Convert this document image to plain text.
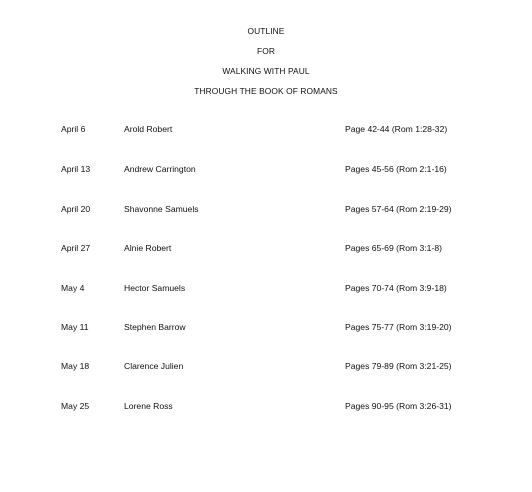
OUTLINE
FOR
WALKING WITH PAUL
THROUGH THE BOOK OF ROMANS
April 6	Arold Robert	Page 42-44 (Rom 1:28-32)
April 13	Andrew Carrington	Pages 45-56 (Rom 2:1-16)
April 20	Shavonne Samuels	Pages 57-64 (Rom 2:19-29)
April 27	Alnie Robert	Pages 65-69 (Rom 3:1-8)
May 4	Hector Samuels	Pages 70-74 (Rom 3:9-18)
May 11	Stephen Barrow	Pages 75-77 (Rom 3:19-20)
May 18	Clarence Julien	Pages 79-89 (Rom 3:21-25)
May 25	Lorene Ross	Pages 90-95 (Rom 3:26-31)
